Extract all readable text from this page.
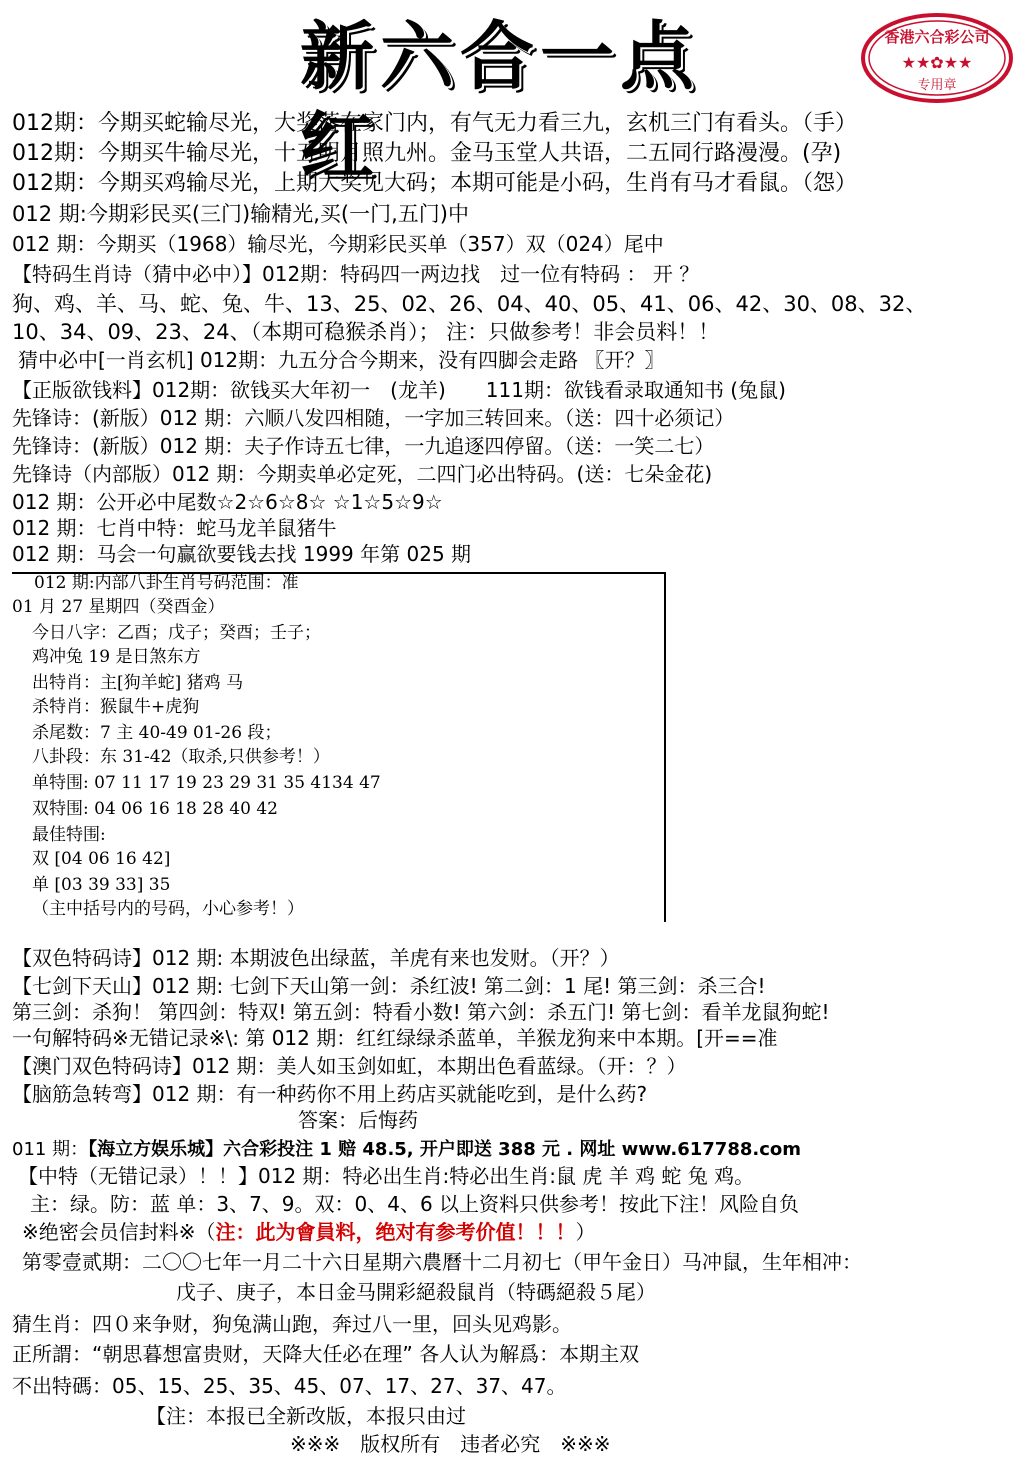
新六合一点红
香港六合彩公司
★★✿★★
专用章
012期：今期买蛇输尽光，大奖落在家门内，有气无力看三九，玄机三门有看头。（手）
012期：今期买牛输尽光，十五明月照九州。金马玉堂人共语，二五同行路漫漫。(孕)
012期：今期买鸡输尽光，上期大奖见大码；本期可能是小码，生肖有马才看鼠。（怨）
012 期:今期彩民买(三门)输精光,买(一门,五门)中
012 期：今期买（1968）输尽光，今期彩民买单（357）双（024）尾中
【特码生肖诗（猜中必中）】012期：特码四一两边找　过一位有特码 ： 开 ？
狗、鸡、羊、马、蛇、兔、牛、13、25、02、26、04、40、05、41、06、42、30、08、32、
10、34、09、23、24、（本期可稳猴杀肖）； 注：只做参考！非会员料！！
猜中必中[一肖玄机] 012期：九五分合今期来，没有四脚会走路 〖开？〗
【正版欲钱料】012期：欲钱买大年初一　(龙羊)　　111期：欲钱看录取通知书 (兔鼠)
先锋诗：(新版）012 期：六顺八发四相随，一字加三转回来。（送：四十必须记）
先锋诗：(新版）012 期：夫子作诗五七律，一九追逐四停留。（送：一笑二七）
先锋诗（内部版）012 期：今期卖单必定死，二四门必出特码。(送：七朵金花)
012 期：公开必中尾数☆2☆6☆8☆ ☆1☆5☆9☆
012 期：七肖中特：蛇马龙羊鼠猪牛
012 期：马会一句赢欲要钱去找 1999 年第 025 期
012 期:内部八卦生肖号码范围：准
01 月 27 星期四（癸酉金）
今日八字：乙酉；戊子；癸酉；壬子；
鸡冲兔 19 是日煞东方
出特肖：主[狗羊蛇] 猪鸡 马
杀特肖：猴鼠牛+虎狗
杀尾数：7 主 40-49 01-26 段；
八卦段：东 31-42（取杀,只供参考！）
单特围: 07 11 17 19 23 29 31 35 4134 47
双特围: 04 06 16 18 28 40 42
最佳特围:
双 [04 06 16 42]
单 [03 39 33] 35
（主中括号内的号码，小心参考！）
【双色特码诗】012 期: 本期波色出绿蓝，羊虎有来也发财。（开？）
【七剑下天山】012 期: 七剑下天山第一剑：杀红波! 第二剑：1 尾! 第三剑：杀三合!
第三剑：杀狗！ 第四剑：特双! 第五剑：特看小数! 第六剑：杀五门! 第七剑：看羊龙鼠狗蛇!
一句解特码※无错记录※\: 第 012 期：红红绿绿杀蓝单，羊猴龙狗来中本期。[开==准
【澳门双色特码诗】012 期：美人如玉剑如虹，本期出色看蓝绿。（开：？）
【脑筋急转弯】012 期：有一种药你不用上药店买就能吃到，是什么药?
答案：后悔药
011 期：【海立方娱乐城】六合彩投注 1 赔 48.5, 开户即送 388 元 . 网址 www.617788.com
【中特（无错记录）！！】012 期：特必出生肖:特必出生肖:鼠 虎 羊 鸡 蛇 兔 鸡。
主：绿。防：蓝 单：3、7、9。双：0、4、6 以上资料只供参考！按此下注！风险自负
※绝密会员信封料※（注：此为會員料，绝对有参考价值！！！）
第零壹贰期：二〇〇七年一月二十六日星期六農曆十二月初七（甲午金日）马冲鼠，生年相冲：
戊子、庚子，本日金马開彩絕殺鼠肖（特碼絕殺５尾）
猜生肖：四０来争财，狗兔满山跑，奔过八一里，回头见鸡影。
正所謂：“朝思暮想富贵财，天降大任必在理” 各人认为解爲：本期主双
不出特碼：05、15、25、35、45、07、17、27、37、47。
【注：本报已全新改版，本报只由过
※※※　版权所有　违者必究　※※※
